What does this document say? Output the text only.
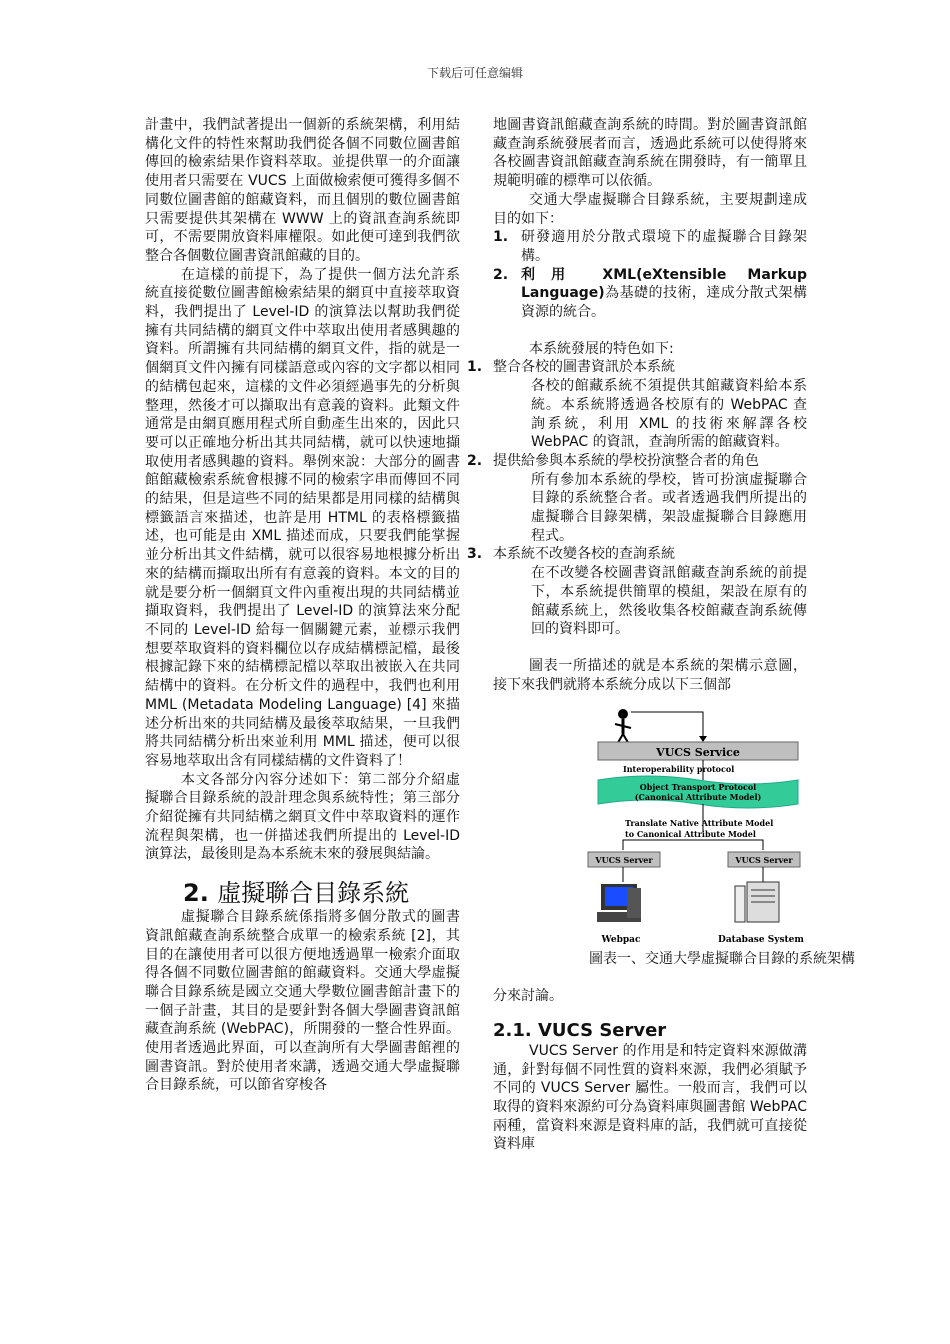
下载后可任意编辑

計畫中，我們試著提出一個新的系統架構，利用結構化文件的特性來幫助我們從各個不同數位圖書館傳回的檢索結果作資料萃取。並提供單一的介面讓使用者只需要在 VUCS 上面做檢索便可獲得多個不同數位圖書館的館藏資料，而且個別的數位圖書館只需要提供其架構在 WWW 上的資訊查詢系統即可，不需要開放資料庫權限。如此便可達到我們欲整合各個數位圖書資訊館藏的目的。

在這樣的前提下，為了提供一個方法允許系統直接從數位圖書館檢索結果的網頁中直接萃取資料，我們提出了 Level-ID 的演算法以幫助我們從擁有共同結構的網頁文件中萃取出使用者感興趣的資料。所謂擁有共同結構的網頁文件，指的就是一個網頁文件內擁有同樣語意或內容的文字都以相同的結構包起來，這樣的文件必須經過事先的分析與整理，然後才可以擷取出有意義的資料。此類文件通常是由網頁應用程式所自動產生出來的，因此只要可以正確地分析出其共同結構，就可以快速地擷取使用者感興趣的資料。舉例來說：大部分的圖書館館藏檢索系統會根據不同的檢索字串而傳回不同的結果，但是這些不同的結果都是用同樣的結構與標籤語言來描述，也許是用 HTML 的表格標籤描述，也可能是由 XML 描述而成，只要我們能掌握並分析出其文件結構，就可以很容易地根據分析出來的結構而擷取出所有有意義的資料。本文的目的就是要分析一個網頁文件內重複出現的共同結構並擷取資料，我們提出了 Level-ID 的演算法來分配不同的 Level-ID 給每一個關鍵元素，並標示我們想要萃取資料的資料欄位以存成結構標記檔，最後根據記錄下來的結構標記檔以萃取出被嵌入在共同結構中的資料。在分析文件的過程中，我們也利用 MML (Metadata Modeling Language) [4] 來描述分析出來的共同結構及最後萃取結果，一旦我們將共同結構分析出來並利用 MML 描述，便可以很容易地萃取出含有同樣結構的文件資料了！

本文各部分內容分述如下：第二部分介紹虛擬聯合目錄系統的設計理念與系統特性；第三部分介紹從擁有共同結構之網頁文件中萃取資料的運作流程與架構，也一併描述我們所提出的 Level-ID 演算法，最後則是為本系統未來的發展與結論。

2. 虛擬聯合目錄系統

虛擬聯合目錄系統係指將多個分散式的圖書資訊館藏查詢系統整合成單一的檢索系統 [2]，其目的在讓使用者可以很方便地透過單一檢索介面取得各個不同數位圖書館的館藏資料。交通大學虛擬聯合目錄系統是國立交通大學數位圖書館計畫下的一個子計畫，其目的是要針對各個大學圖書資訊館藏查詢系統 (WebPAC)，所開發的一整合性界面。使用者透過此界面，可以查詢所有大學圖書館裡的圖書資訊。對於使用者來講，透過交通大學虛擬聯合目錄系統，可以節省穿梭各

地圖書資訊館藏查詢系統的時間。對於圖書資訊館藏查詢系統發展者而言，透過此系統可以使得將來各校圖書資訊館藏查詢系統在開發時，有一簡單且規範明確的標準可以依循。

交通大學虛擬聯合目錄系統，主要規劃達成目的如下：

1. 研發適用於分散式環境下的虛擬聯合目錄架構。
2. 利用 XML(eXtensible Markup Language)為基礎的技術，達成分散式架構資源的統合。

本系統發展的特色如下:

1. 整合各校的圖書資訊於本系統
各校的館藏系統不須提供其館藏資料給本系統。本系統將透過各校原有的 WebPAC 查詢系統，利用 XML 的技術來解譯各校 WebPAC 的資訊，查詢所需的館藏資料。
2. 提供給參與本系統的學校扮演整合者的角色
所有參加本系統的學校，皆可扮演虛擬聯合目錄的系統整合者。或者透過我們所提出的虛擬聯合目錄架構，架設虛擬聯合目錄應用程式。
3. 本系統不改變各校的查詢系統
在不改變各校圖書資訊館藏查詢系統的前提下，本系統提供簡單的模組，架設在原有的館藏系統上，然後收集各校館藏查詢系統傳回的資料即可。

圖表一所描述的就是本系統的架構示意圖，接下來我們就將本系統分成以下三個部

VUCS Service
Interoperability protocol
Object Transport Protocol
(Canonical Attribute Model)
Translate Native Attribute Model
to Canonical Attribute Model
VUCS Server	VUCS Server
Webpac	Database System
圖表一、交通大學虛擬聯合目錄的系統架構

分來討論。

2.1. VUCS Server

VUCS Server 的作用是和特定資料來源做溝通，針對每個不同性質的資料來源，我們必須賦予不同的 VUCS Server 屬性。一般而言，我們可以取得的資料來源約可分為資料庫與圖書館 WebPAC 兩種，當資料來源是資料庫的話，我們就可直接從資料庫
